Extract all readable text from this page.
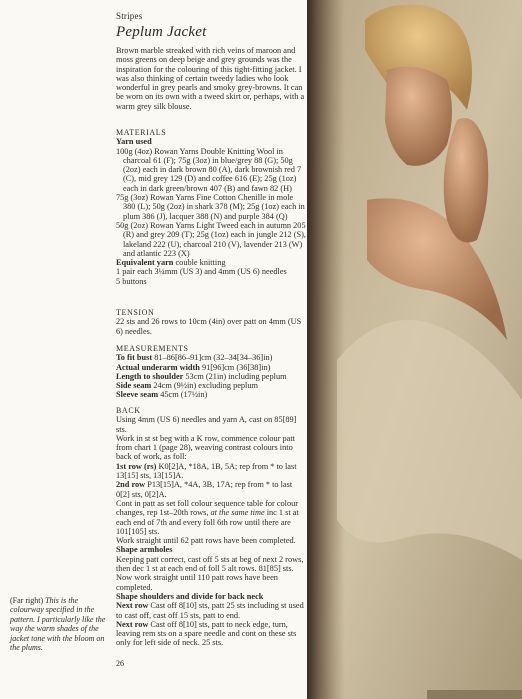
Stripes
Peplum Jacket

Brown marble streaked with rich veins of maroon and moss greens on deep beige and grey grounds was the inspiration for the colouring of this tight-fitting jacket. I was also thinking of certain tweedy ladies who look wonderful in grey pearls and smoky grey-browns. It can be worn on its own with a tweed skirt or, perhaps, with a warm grey silk blouse.

MATERIALS

Yarn used

100g (4oz) Rowan Yarns Double Knitting Wool in charcoal 61 (F); 75g (3oz) in blue/grey 88 (G); 50g (2oz) each in dark brown 80 (A), dark brownish red 7 (C), mid grey 129 (D) and coffee 616 (E); 25g (1oz) each in dark green/brown 407 (B) and fawn 82 (H)

75g (3oz) Rowan Yarns Fine Cotton Chenille in mole 380 (L); 50g (2oz) in shark 378 (M); 25g (1oz) each in plum 386 (J), lacquer 388 (N) and purple 384 (Q)

50g (2oz) Rowan Yarns Light Tweed each in autumn 205 (R) and grey 209 (T); 25g (1oz) each in jungle 212 (S), lakeland 222 (U), charcoal 210 (V), lavender 213 (W) and atlantic 223 (X)

Equivalent yarn couble knitting

1 pair each 3¼mm (US 3) and 4mm (US 6) needles

5 buttons

TENSION

22 sts and 26 rows to 10cm (4in) over patt on 4mm (US 6) needles.

MEASUREMENTS

To fit bust 81–86[86–91]cm (32–34[34–36]in)

Actual underarm width 91[96]cm (36[38]in)

Length to shoulder 53cm (21in) including peplum

Side seam 24cm (9½in) excluding peplum

Sleeve seam 45cm (17½in)

BACK

Using 4mm (US 6) needles and yarn A, cast on 85[89] sts.

Work in st st beg with a K row, commence colour patt from chart 1 (page 28), weaving contrast colours into back of work, as foll:

1st row (rs) K0[2]A, *18A, 1B, 5A; rep from * to last 13[15] sts, 13[15]A.

2nd row P13[15]A, *4A, 3B, 17A; rep from * to last 0[2] sts, 0[2]A.

Cont in patt as set foll colour sequence table for colour changes, rep 1st–20th rows, at the same time inc 1 st at each end of 7th and every foll 6th row until there are 101[105] sts.

Work straight until 62 patt rows have been completed.

Shape armholes

Keeping patt correct, cast off 5 sts at beg of next 2 rows, then dec 1 st at each end of foll 5 alt rows. 81[85] sts. Now work straight until 110 patt rows have been completed.

Shape shoulders and divide for back neck

Next row Cast off 8[10] sts, patt 25 sts including st used to cast off, cast off 15 sts, patt to end.

Next row Cast off 8[10] sts, patt to neck edge, turn, leaving rem sts on a spare needle and cont on these sts only for left side of neck. 25 sts.

(Far right) This is the colourway specified in the pattern. I particularly like the way the warm shades of the jacket tone with the bloom on the plums.
26
